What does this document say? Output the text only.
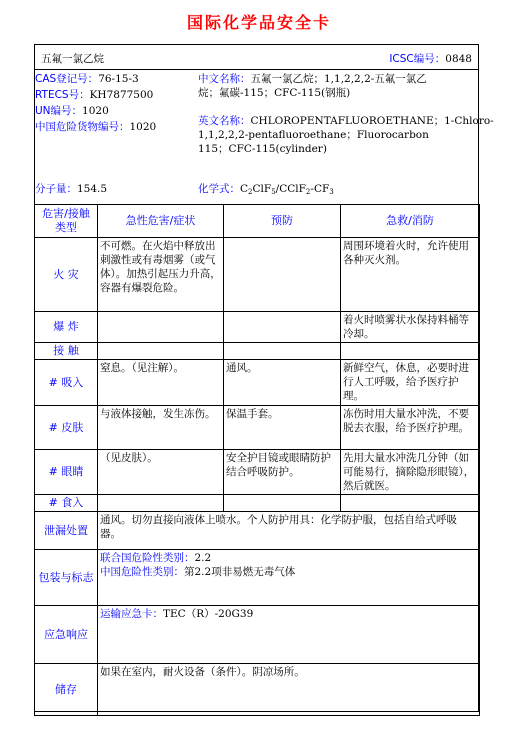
国际化学品安全卡
五氟一氯乙烷	ICSC编号：0848
CAS登记号：76-15-3
RTECS号：KH7877500
UN编号：1020
中国危险货物编号：1020
中文名称：五氟一氯乙烷；1,1,2,2,2-五氟一氯乙
烷；氟碳-115；CFC-115(钢瓶)
英文名称：CHLOROPENTAFLUOROETHANE；1-Chloro-
1,1,2,2,2-pentafluoroethane；Fluorocarbon
115；CFC-115(cylinder)
分子量：154.5	化学式：$C_2ClF_5/CClF_2-CF_3$
危害/接触类型	急性危害/症状	预防	急救/消防
火 灾	不可燃。在火焰中释放出刺激性或有毒烟雾（或气体）。加热引起压力升高，容器有爆裂危险。		周围环境着火时，允许使用各种灭火剂。
爆 炸			着火时喷雾状水保持料桶等冷却。
接 触			
# 吸入	窒息。（见注解）。	通风。	新鲜空气，休息，必要时进行人工呼吸，给予医疗护理。
# 皮肤	与液体接触，发生冻伤。	保温手套。	冻伤时用大量水冲洗，不要脱去衣服，给予医疗护理。
# 眼睛	（见皮肤）。	安全护目镜或眼睛防护结合呼吸防护。	先用大量水冲洗几分钟（如可能易行，摘除隐形眼镜），然后就医。
# 食入			
泄漏处置	通风。切勿直接向液体上喷水。个人防护用具：化学防护服，包括自给式呼吸器。		
包装与标志	联合国危险性类别：2.2
中国危险性类别：第2.2项非易燃无毒气体		

应急响应	运输应急卡：TEC（R）-20G39		
储存	如果在室内，耐火设备（条件）。阴凉场所。		
